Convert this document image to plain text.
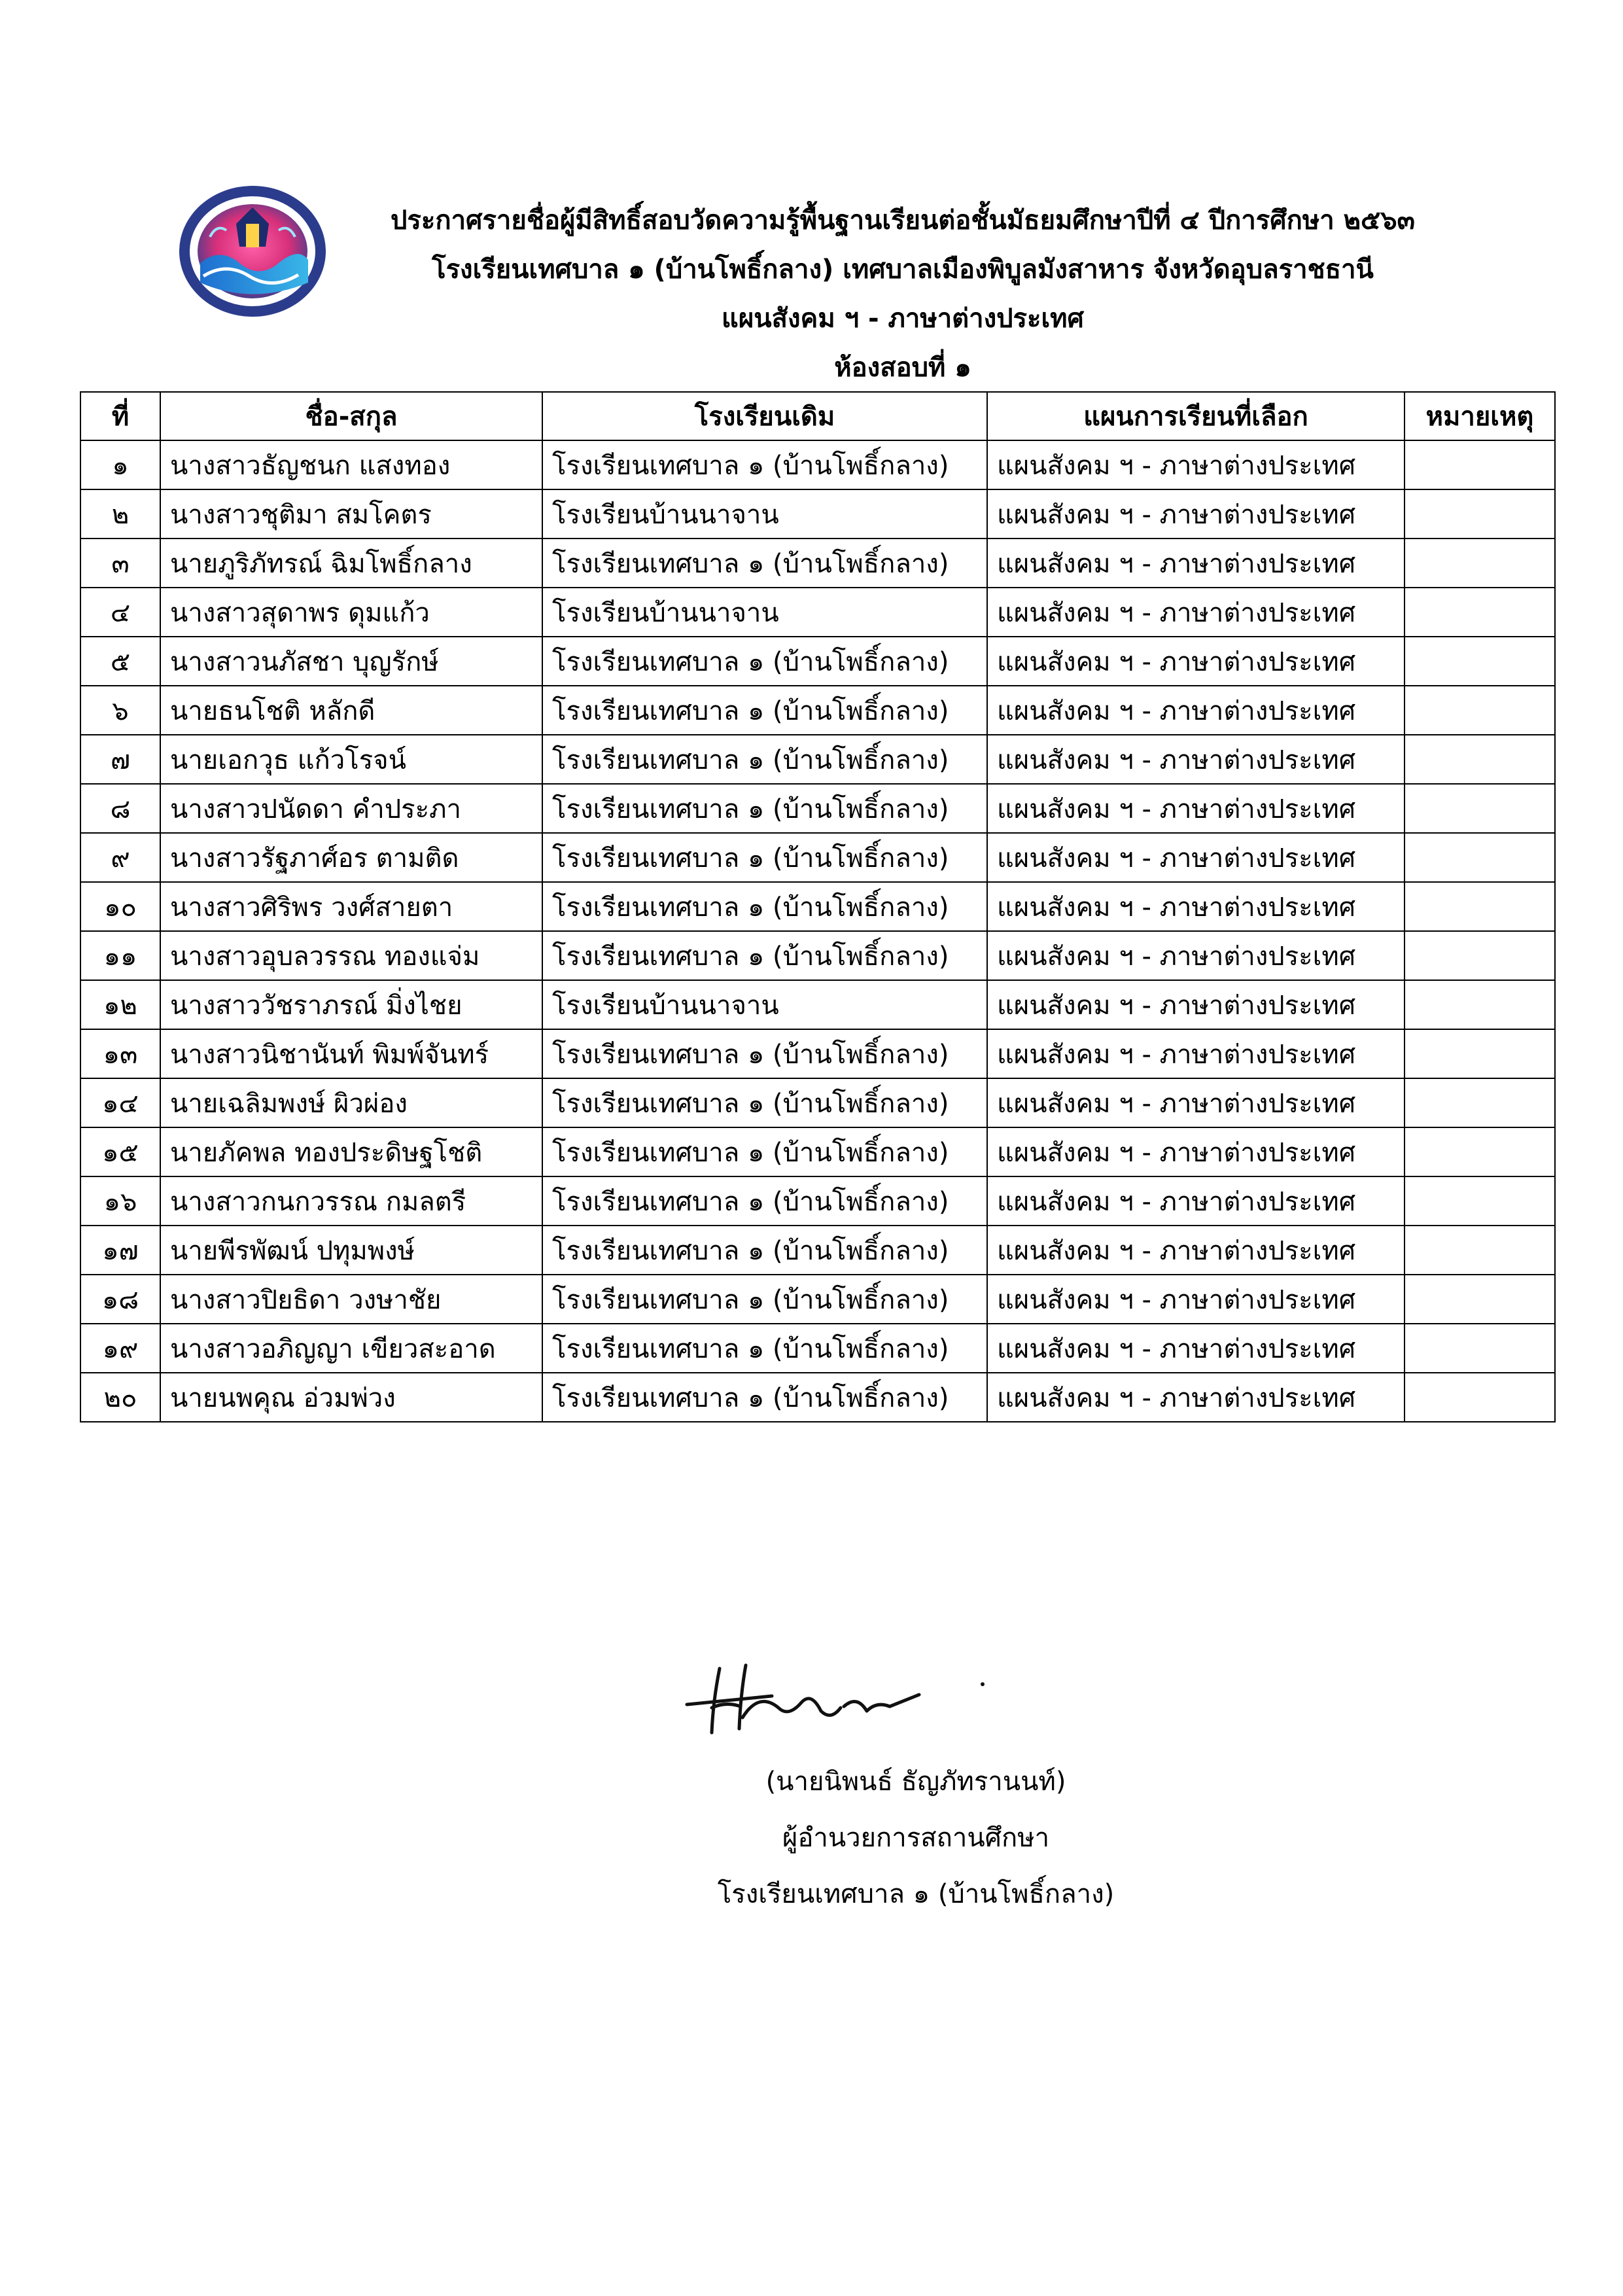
ประกาศรายชื่อผู้มีสิทธิ์สอบวัดความรู้พื้นฐานเรียนต่อชั้นมัธยมศึกษาปีที่ ๔ ปีการศึกษา ๒๕๖๓
โรงเรียนเทศบาล ๑ (บ้านโพธิ์กลาง) เทศบาลเมืองพิบูลมังสาหาร จังหวัดอุบลราชธานี
แผนสังคม ฯ - ภาษาต่างประเทศ
ห้องสอบที่ ๑
ที่	ชื่อ-สกุล	โรงเรียนเดิม	แผนการเรียนที่เลือก	หมายเหตุ
๑	นางสาวธัญชนก แสงทอง	โรงเรียนเทศบาล ๑ (บ้านโพธิ์กลาง)	แผนสังคม ฯ - ภาษาต่างประเทศ	
๒	นางสาวชุติมา สมโคตร	โรงเรียนบ้านนาจาน	แผนสังคม ฯ - ภาษาต่างประเทศ	
๓	นายภูริภัทรณ์ ฉิมโพธิ์กลาง	โรงเรียนเทศบาล ๑ (บ้านโพธิ์กลาง)	แผนสังคม ฯ - ภาษาต่างประเทศ	
๔	นางสาวสุดาพร ดุมแก้ว	โรงเรียนบ้านนาจาน	แผนสังคม ฯ - ภาษาต่างประเทศ	
๕	นางสาวนภัสชา บุญรักษ์	โรงเรียนเทศบาล ๑ (บ้านโพธิ์กลาง)	แผนสังคม ฯ - ภาษาต่างประเทศ	
๖	นายธนโชติ หลักดี	โรงเรียนเทศบาล ๑ (บ้านโพธิ์กลาง)	แผนสังคม ฯ - ภาษาต่างประเทศ	
๗	นายเอกวุธ แก้วโรจน์	โรงเรียนเทศบาล ๑ (บ้านโพธิ์กลาง)	แผนสังคม ฯ - ภาษาต่างประเทศ	
๘	นางสาวปนัดดา คำประภา	โรงเรียนเทศบาล ๑ (บ้านโพธิ์กลาง)	แผนสังคม ฯ - ภาษาต่างประเทศ	
๙	นางสาวรัฐภาศ์อร ตามติด	โรงเรียนเทศบาล ๑ (บ้านโพธิ์กลาง)	แผนสังคม ฯ - ภาษาต่างประเทศ	
๑๐	นางสาวศิริพร วงศ์สายตา	โรงเรียนเทศบาล ๑ (บ้านโพธิ์กลาง)	แผนสังคม ฯ - ภาษาต่างประเทศ	
๑๑	นางสาวอุบลวรรณ ทองแจ่ม	โรงเรียนเทศบาล ๑ (บ้านโพธิ์กลาง)	แผนสังคม ฯ - ภาษาต่างประเทศ	
๑๒	นางสาววัชราภรณ์ มิ่งไชย	โรงเรียนบ้านนาจาน	แผนสังคม ฯ - ภาษาต่างประเทศ	
๑๓	นางสาวนิชานันท์ พิมพ์จันทร์	โรงเรียนเทศบาล ๑ (บ้านโพธิ์กลาง)	แผนสังคม ฯ - ภาษาต่างประเทศ	
๑๔	นายเฉลิมพงษ์ ผิวผ่อง	โรงเรียนเทศบาล ๑ (บ้านโพธิ์กลาง)	แผนสังคม ฯ - ภาษาต่างประเทศ	
๑๕	นายภัคพล ทองประดิษฐโชติ	โรงเรียนเทศบาล ๑ (บ้านโพธิ์กลาง)	แผนสังคม ฯ - ภาษาต่างประเทศ	
๑๖	นางสาวกนกวรรณ กมลตรี	โรงเรียนเทศบาล ๑ (บ้านโพธิ์กลาง)	แผนสังคม ฯ - ภาษาต่างประเทศ	
๑๗	นายพีรพัฒน์ ปทุมพงษ์	โรงเรียนเทศบาล ๑ (บ้านโพธิ์กลาง)	แผนสังคม ฯ - ภาษาต่างประเทศ	
๑๘	นางสาวปิยธิดา วงษาชัย	โรงเรียนเทศบาล ๑ (บ้านโพธิ์กลาง)	แผนสังคม ฯ - ภาษาต่างประเทศ	
๑๙	นางสาวอภิญญา เขียวสะอาด	โรงเรียนเทศบาล ๑ (บ้านโพธิ์กลาง)	แผนสังคม ฯ - ภาษาต่างประเทศ	
๒๐	นายนพคุณ อ่วมพ่วง	โรงเรียนเทศบาล ๑ (บ้านโพธิ์กลาง)	แผนสังคม ฯ - ภาษาต่างประเทศ	
(นายนิพนธ์ ธัญภัทรานนท์)
ผู้อำนวยการสถานศึกษา
โรงเรียนเทศบาล ๑ (บ้านโพธิ์กลาง)
